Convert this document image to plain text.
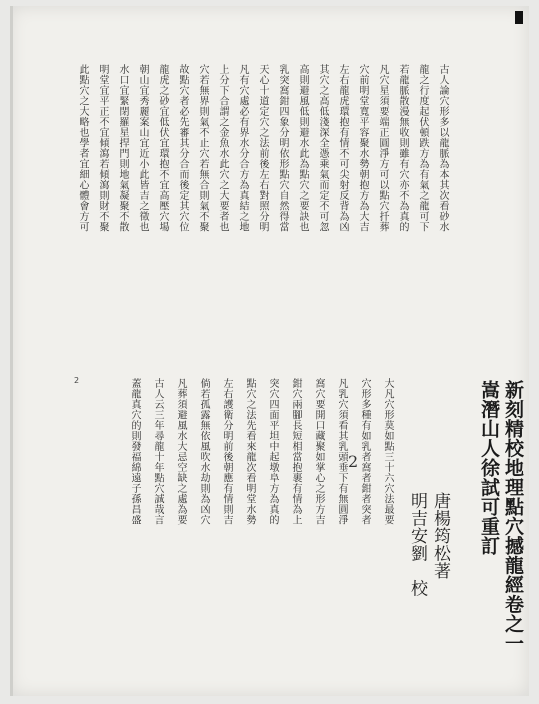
新刻精校地理點穴撼龍經卷之一
嵩潛山人徐試可重訂
唐楊筠松著
明吉安劉　校
2
2	大凡穴形莫如點三十六穴法最要
穴形多種有如乳者窩者鉗者突者
凡乳穴須看其乳頭垂下有無圓淨
窩穴要開口藏聚如掌心之形方吉
鉗穴兩腳長短相當抱裹有情為上
突穴四面平坦中起墩阜方為真的
點穴之法先看來龍次看明堂水勢
左右護衛分明前後朝應有情則吉
倘若孤露無依風吹水劫則為凶穴
凡葬須避風水大忌空缺之處為要
古人云三年尋龍十年點穴誠哉言
蓋龍真穴的則發福綿遠子孫昌盛
古人論穴形多以龍脈為本其次看砂水
龍之行度起伏頓跌方為有氣之龍可下
若龍脈散漫無收則雖有穴亦不為真的
凡穴星須要端正圓淨方可以點穴扦葬
穴前明堂寬平容聚水勢朝抱方為大吉
左右龍虎環抱有情不可尖射反背為凶
其穴之高低淺深全憑乘氣而定不可忽
高則避風低則避水此為點穴之要訣也
乳突窩鉗四象分明依形點穴自然得當
天心十道定穴之法前後左右對照分明
凡有穴處必有界水分合方為真結之地
上分下合謂之金魚水此穴之大要者也
穴若無界則氣不止穴若無合則氣不聚
故點穴者必先審其分合而後定其穴位
龍虎之砂宜低伏宜環抱不宜高壓穴場
朝山宜秀麗案山宜近小此皆吉之徵也
水口宜緊閉羅星捍門則地氣凝聚不散
明堂宜平正不宜傾瀉若傾瀉則財不聚
此點穴之大略也學者宜細心體會方可
